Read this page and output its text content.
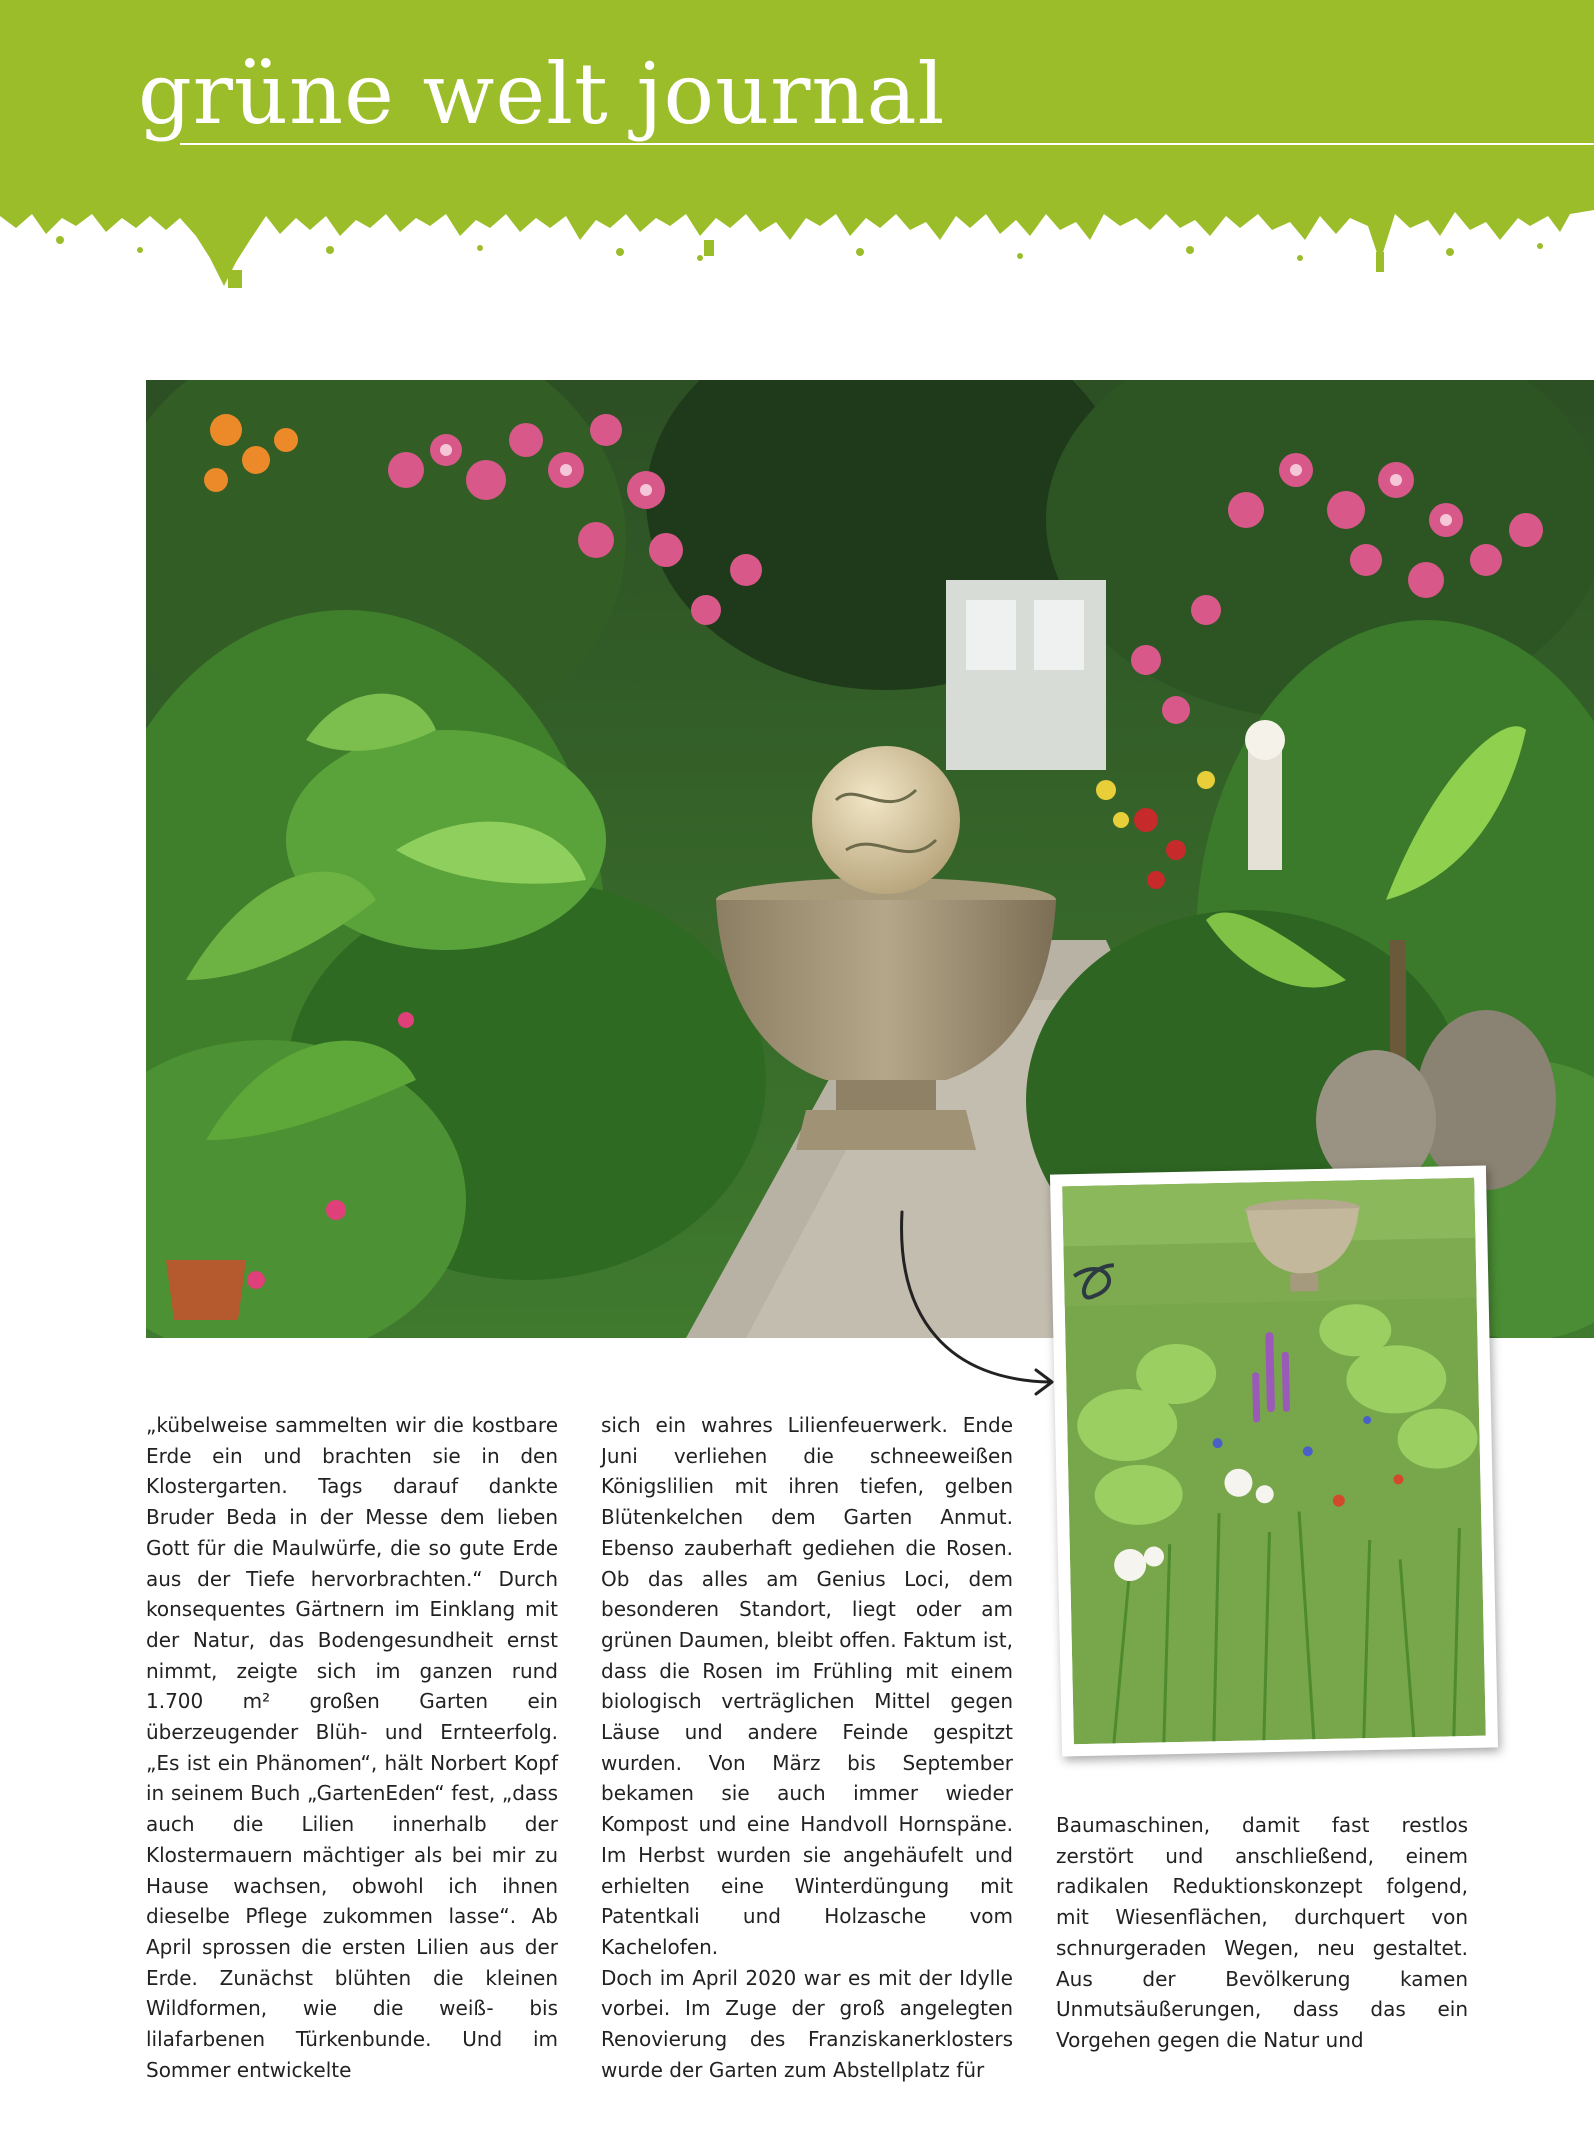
grüne welt journal

„kübelweise sammelten wir die kostbare Erde ein und brachten sie in den Klostergarten. Tags darauf dankte Bruder Beda in der Messe dem lieben Gott für die Maulwürfe, die so gute Erde aus der Tiefe hervorbrachten.“ Durch konsequentes Gärtnern im Einklang mit der Natur, das Bodengesundheit ernst nimmt, zeigte sich im ganzen rund 1.700 m² großen Garten ein überzeugender Blüh- und Ernteerfolg. „Es ist ein Phänomen“, hält Norbert Kopf in seinem Buch „GartenEden“ fest, „dass auch die Lilien innerhalb der Klostermauern mächtiger als bei mir zu Hause wachsen, obwohl ich ihnen dieselbe Pflege zukommen lasse“. Ab April sprossen die ersten Lilien aus der Erde. Zunächst blühten die kleinen Wildformen, wie die weiß- bis lilafarbenen Türkenbunde. Und im Sommer entwickelte

sich ein wahres Lilienfeuerwerk. Ende Juni verliehen die schneeweißen Königslilien mit ihren tiefen, gelben Blütenkelchen dem Garten Anmut. Ebenso zauberhaft gediehen die Rosen. Ob das alles am Genius Loci, dem besonderen Standort, liegt oder am grünen Daumen, bleibt offen. Faktum ist, dass die Rosen im Frühling mit einem biologisch verträglichen Mittel gegen Läuse und andere Feinde gespitzt wurden. Von März bis September bekamen sie auch immer wieder Kompost und eine Handvoll Hornspäne. Im Herbst wurden sie angehäufelt und erhielten eine Winterdüngung mit Patentkali und Holzasche vom Kachelofen.

Doch im April 2020 war es mit der Idylle vorbei. Im Zuge der groß angelegten Renovierung des Franziskanerklosters wurde der Garten zum Abstellplatz für

Baumaschinen, damit fast restlos zerstört und anschließend, einem radikalen Reduktionskonzept folgend, mit Wiesenflächen, durchquert von schnurgeraden Wegen, neu gestaltet. Aus der Bevölkerung kamen Unmutsäußerungen, dass das ein Vorgehen gegen die Natur und
